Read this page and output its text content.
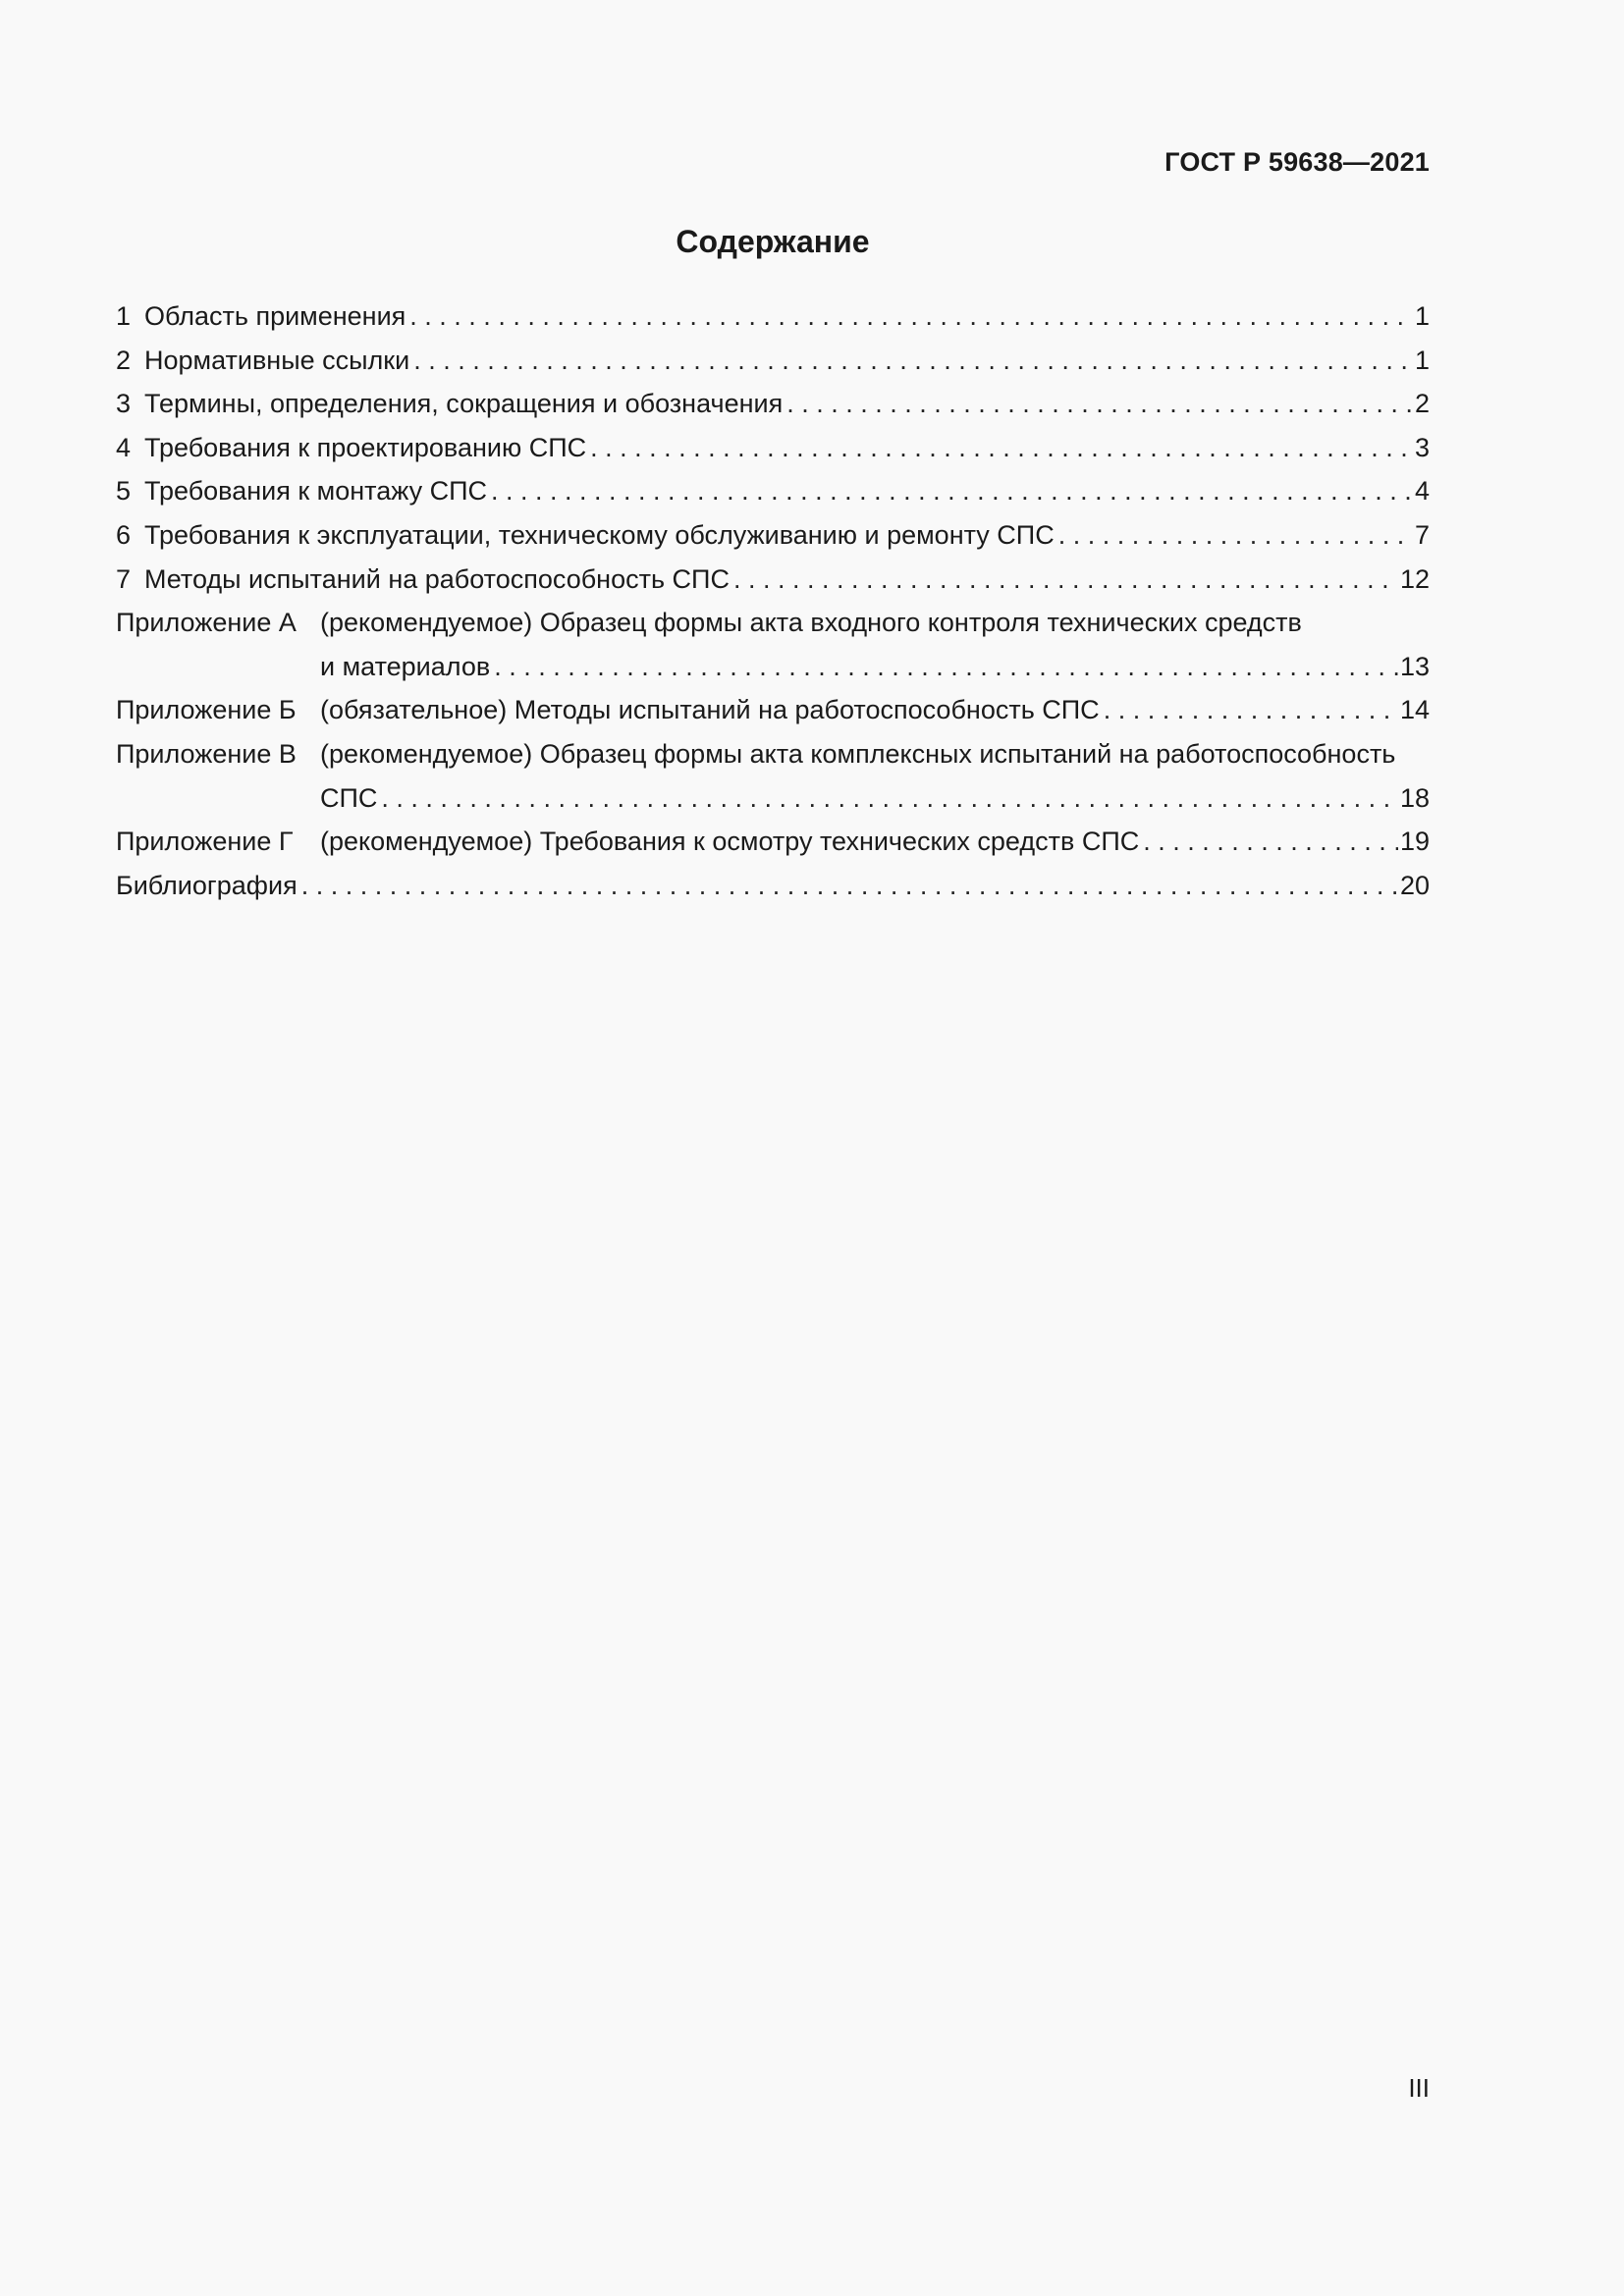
ГОСТ Р 59638—2021
Содержание
1 Область применения . . .	1
2 Нормативные ссылки . . .	1
3 Термины, определения, сокращения и обозначения . . .	2
4 Требования к проектированию СПС . . .	3
5 Требования к монтажу СПС . . .	4
6 Требования к эксплуатации, техническому обслуживанию и ремонту СПС . . .	7
7 Методы испытаний на работоспособность СПС . . .	12
Приложение А (рекомендуемое) Образец формы акта входного контроля технических средств
и материалов . . .	13
Приложение Б (обязательное) Методы испытаний на работоспособность СПС . . .	14
Приложение В (рекомендуемое) Образец формы акта комплексных испытаний на работоспособность
СПС . . .	18
Приложение Г	(рекомендуемое) Требования к осмотру технических средств СПС . . .	19
Библиография . . .	20
III
